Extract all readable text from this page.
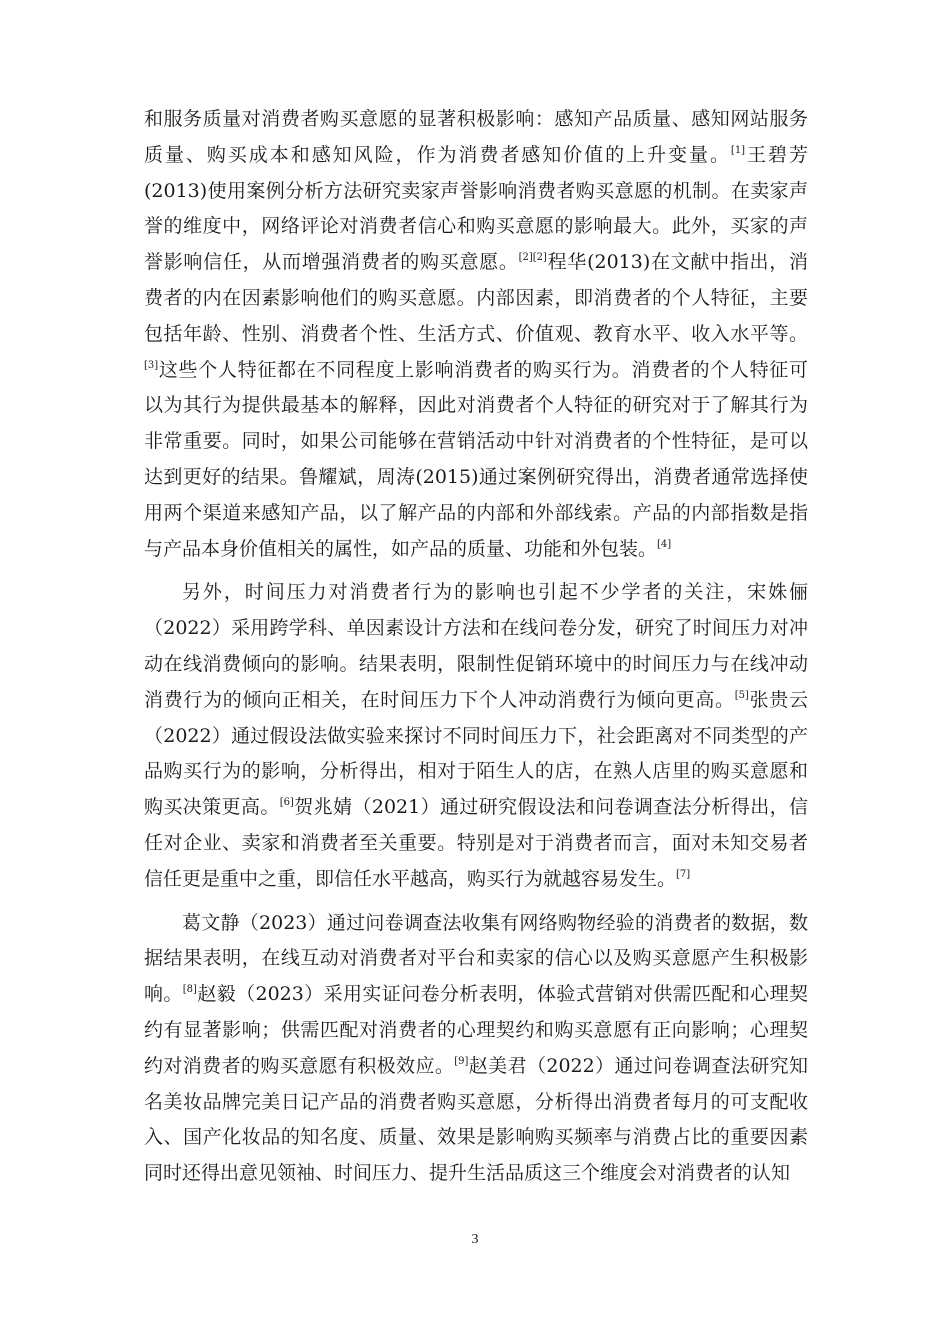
和服务质量对消费者购买意愿的显著积极影响：感知产品质量、感知网站服务
质量、购买成本和感知风险，作为消费者感知价值的上升变量。[1]王碧芳
(2013)使用案例分析方法研究卖家声誉影响消费者购买意愿的机制。在卖家声
誉的维度中，网络评论对消费者信心和购买意愿的影响最大。此外，买家的声
誉影响信任，从而增强消费者的购买意愿。[2][2]程华(2013)在文献中指出，消
费者的内在因素影响他们的购买意愿。内部因素，即消费者的个人特征，主要
包括年龄、性别、消费者个性、生活方式、价值观、教育水平、收入水平等。
[3]这些个人特征都在不同程度上影响消费者的购买行为。消费者的个人特征可
以为其行为提供最基本的解释，因此对消费者个人特征的研究对于了解其行为
非常重要。同时，如果公司能够在营销活动中针对消费者的个性特征，是可以
达到更好的结果。鲁耀斌，周涛(2015)通过案例研究得出，消费者通常选择使
用两个渠道来感知产品，以了解产品的内部和外部线索。产品的内部指数是指
与产品本身价值相关的属性，如产品的质量、功能和外包装。[4]
另外，时间压力对消费者行为的影响也引起不少学者的关注，宋姝俪
（2022）采用跨学科、单因素设计方法和在线问卷分发，研究了时间压力对冲
动在线消费倾向的影响。结果表明，限制性促销环境中的时间压力与在线冲动
消费行为的倾向正相关，在时间压力下个人冲动消费行为倾向更高。[5]张贵云
（2022）通过假设法做实验来探讨不同时间压力下，社会距离对不同类型的产
品购买行为的影响，分析得出，相对于陌生人的店，在熟人店里的购买意愿和
购买决策更高。[6]贺兆婧（2021）通过研究假设法和问卷调查法分析得出，信
任对企业、卖家和消费者至关重要。特别是对于消费者而言，面对未知交易者
信任更是重中之重，即信任水平越高，购买行为就越容易发生。[7]
葛文静（2023）通过问卷调查法收集有网络购物经验的消费者的数据，数
据结果表明，在线互动对消费者对平台和卖家的信心以及购买意愿产生积极影
响。[8]赵毅（2023）采用实证问卷分析表明，体验式营销对供需匹配和心理契
约有显著影响；供需匹配对消费者的心理契约和购买意愿有正向影响；心理契
约对消费者的购买意愿有积极效应。[9]赵美君（2022）通过问卷调查法研究知
名美妆品牌完美日记产品的消费者购买意愿，分析得出消费者每月的可支配收
入、国产化妆品的知名度、质量、效果是影响购买频率与消费占比的重要因素
同时还得出意见领袖、时间压力、提升生活品质这三个维度会对消费者的认知
3
